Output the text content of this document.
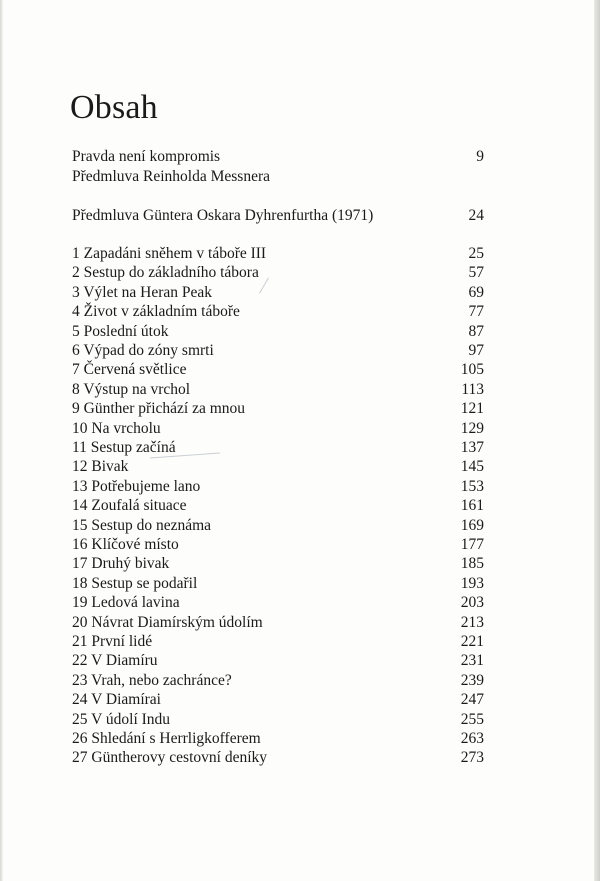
Obsah
Pravda není kompromis	9
Předmluva Reinholda Messnera
Předmluva Güntera Oskara Dyhrenfurtha (1971)	24
1 Zapadáni sněhem v táboře III	25
2 Sestup do základního tábora	57
3 Výlet na Heran Peak	69
4 Život v základním táboře	77
5 Poslední útok	87
6 Výpad do zóny smrti	97
7 Červená světlice	105
8 Výstup na vrchol	113
9 Günther přichází za mnou	121
10 Na vrcholu	129
11 Sestup začíná	137
12 Bivak	145
13 Potřebujeme lano	153
14 Zoufalá situace	161
15 Sestup do neznáma	169
16 Klíčové místo	177
17 Druhý bivak	185
18 Sestup se podařil	193
19 Ledová lavina	203
20 Návrat Diamírským údolím	213
21 První lidé	221
22 V Diamíru	231
23 Vrah, nebo zachránce?	239
24 V Diamírai	247
25 V údolí Indu	255
26 Shledání s Herrligkofferem	263
27 Güntherovy cestovní deníky	273
